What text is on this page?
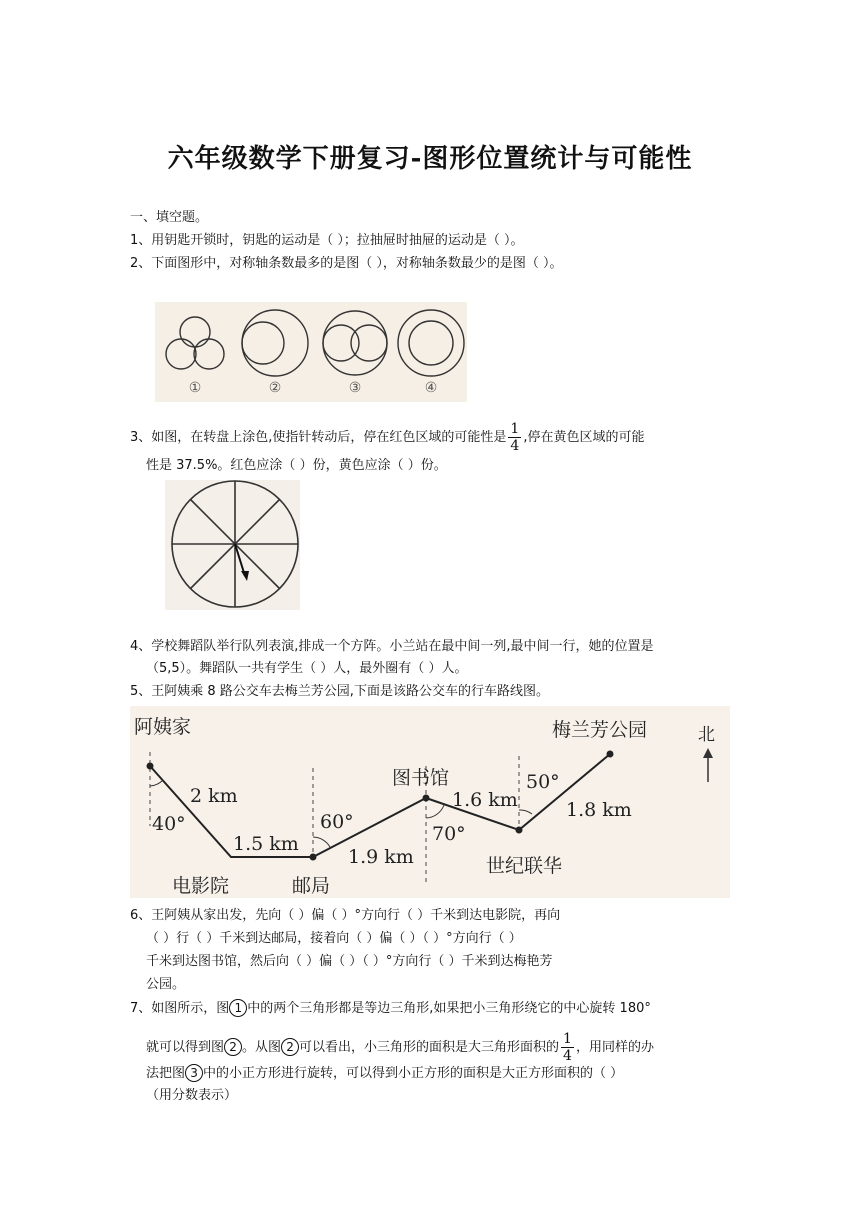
六年级数学下册复习-图形位置统计与可能性
一、填空题。
1、用钥匙开锁时，钥匙的运动是（ ）；拉抽屉时抽屉的运动是（ ）。
2、下面图形中，对称轴条数最多的是图（ ），对称轴条数最少的是图（ ）。
①	②	③	④
3、如图，在转盘上涂色,使指针转动后，停在红色区域的可能性是 $\frac{1}{4}$ ,停在黄色区域的可能
性是 37.5%。红色应涂（ ）份，黄色应涂（ ）份。
4、学校舞蹈队举行队列表演,排成一个方阵。小兰站在最中间一列,最中间一行，她的位置是
（5,5）。舞蹈队一共有学生（ ）人，最外圈有（ ）人。
5、王阿姨乘 8 路公交车去梅兰芳公园,下面是该路公交车的行车路线图。
阿姨家	梅兰芳公园	北
图书馆
电影院	邮局
世纪联华
2 km
1.5 km
1.9 km
1.6 km	1.8 km
40°	60°
70°
50°
6、王阿姨从家出发，先向（ ）偏（ ）°方向行（ ）千米到达电影院，再向
（ ）行（ ）千米到达邮局，接着向（ ）偏（ ）（ ）°方向行（ ）
千米到达图书馆，然后向（ ）偏（ ）（ ）°方向行（ ）千米到达梅艳芳
公园。
7、如图所示，图 1 中的两个三角形都是等边三角形,如果把小三角形绕它的中心旋转 180°
就可以得到图 2 。从图 2 可以看出，小三角形的面积是大三角形面积的 $\frac{1}{4}$ ，用同样的办
法把图 3 中的小正方形进行旋转，可以得到小正方形的面积是大正方形面积的（ ）
（用分数表示）
